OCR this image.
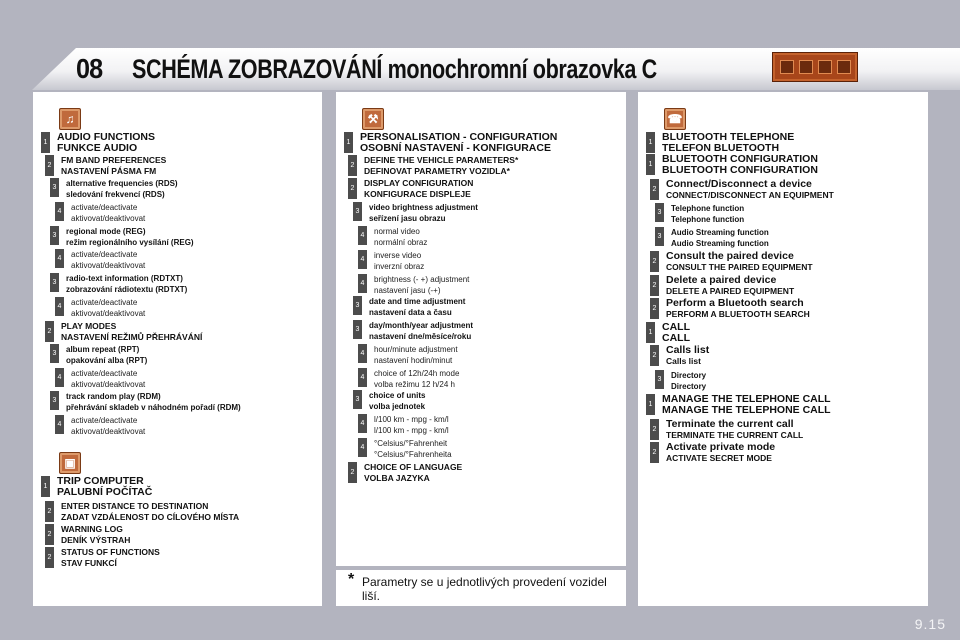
08 SCHÉMA ZOBRAZOVÁNÍ monochromní obrazovka C
♫
1 AUDIO FUNCTIONS
FUNKCE AUDIO
2
FM BAND PREFERENCES
NASTAVENÍ PÁSMA FM
3	alternative frequencies (RDS)
sledování frekvencí (RDS)
4	activate/deactivate
aktivovat/deaktivovat
3	regional mode (REG)
režim regionálního vysílání (REG)
4	activate/deactivate
aktivovat/deaktivovat
3	radio-text information (RDTXT)
zobrazování rádiotextu (RDTXT)
4	activate/deactivate
aktivovat/deaktivovat
2
PLAY MODES
NASTAVENÍ REŽIMŮ PŘEHRÁVÁNÍ
3	album repeat (RPT)
opakování alba (RPT)
4	activate/deactivate
aktivovat/deaktivovat
3	track random play (RDM)
přehrávání skladeb v náhodném pořadí (RDM)
4	activate/deactivate
aktivovat/deaktivovat
▣
1 TRIP COMPUTER
PALUBNÍ POČÍTAČ
2
ENTER DISTANCE TO DESTINATION
ZADAT VZDÁLENOST DO CÍLOVÉHO MÍSTA
2
WARNING LOG
DENÍK VÝSTRAH
2
STATUS OF FUNCTIONS
STAV FUNKCÍ
⚒
1 PERSONALISATION - CONFIGURATION
OSOBNÍ NASTAVENÍ - KONFIGURACE
2
DEFINE THE VEHICLE PARAMETERS*
DEFINOVAT PARAMETRY VOZIDLA*
2
DISPLAY CONFIGURATION
KONFIGURACE DISPLEJE
3	video brightness adjustment
seřízení jasu obrazu
4	normal video
normální obraz
4	inverse video
inverzní obraz
4	brightness (- +) adjustment
nastavení jasu (-+)
3	date and time adjustment
nastavení data a času
3	day/month/year adjustment
nastavení dne/měsíce/roku
4	hour/minute adjustment
nastavení hodin/minut
4	choice of 12h/24h mode
volba režimu 12 h/24 h
3	choice of units
volba jednotek
4	l/100 km - mpg - km/l
l/100 km - mpg - km/l
4	°Celsius/°Fahrenheit
°Celsius/°Fahrenheita
2
CHOICE OF LANGUAGE
VOLBA JAZYKA
☎
1 BLUETOOTH TELEPHONE
TELEFON BLUETOOTH
1 BLUETOOTH CONFIGURATION
BLUETOOTH CONFIGURATION
2 Connect/Disconnect a device
CONNECT/DISCONNECT AN EQUIPMENT
3	Telephone function
Telephone function
3	Audio Streaming function
Audio Streaming function
2 Consult the paired device
CONSULT THE PAIRED EQUIPMENT
2 Delete a paired device
DELETE A PAIRED EQUIPMENT
2 Perform a Bluetooth search
PERFORM A BLUETOOTH SEARCH
1 CALL
CALL
2 Calls list
Calls list
3	Directory
Directory
1 MANAGE THE TELEPHONE CALL
MANAGE THE TELEPHONE CALL
2 Terminate the current call
TERMINATE THE CURRENT CALL
2 Activate private mode
ACTIVATE SECRET MODE
* Parametry se u jednotlivých provedení vozidel liší.
9.15
